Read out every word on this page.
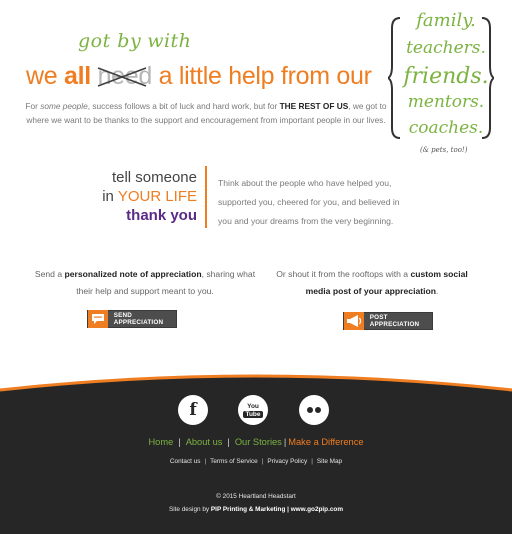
got by with
we all need a little help from our

For some people, success follows a bit of luck and hard work, but for THE REST OF US, we got to where we want to be thanks to the support and encouragement from important people in our lives.

family.
teachers.
friends.
mentors.
coaches.
(& pets, too!)
tell someone
in YOUR LIFE
thank you

Think about the people who have helped you, supported you, cheered for you, and believed in you and your dreams from the very beginning.

Send a personalized note of appreciation, sharing what their help and support meant to you.

Or shout it from the rooftops with a custom social media post of your appreciation.

SEND APPRECIATION
POST APPRECIATION
f	You
Tube
Home | About us | Our Stories | Make a Difference
Contact us | Terms of Service | Privacy Policy | Site Map
© 2015 Heartland Headstart
Site design by PIP Printing & Marketing | www.go2pip.com
